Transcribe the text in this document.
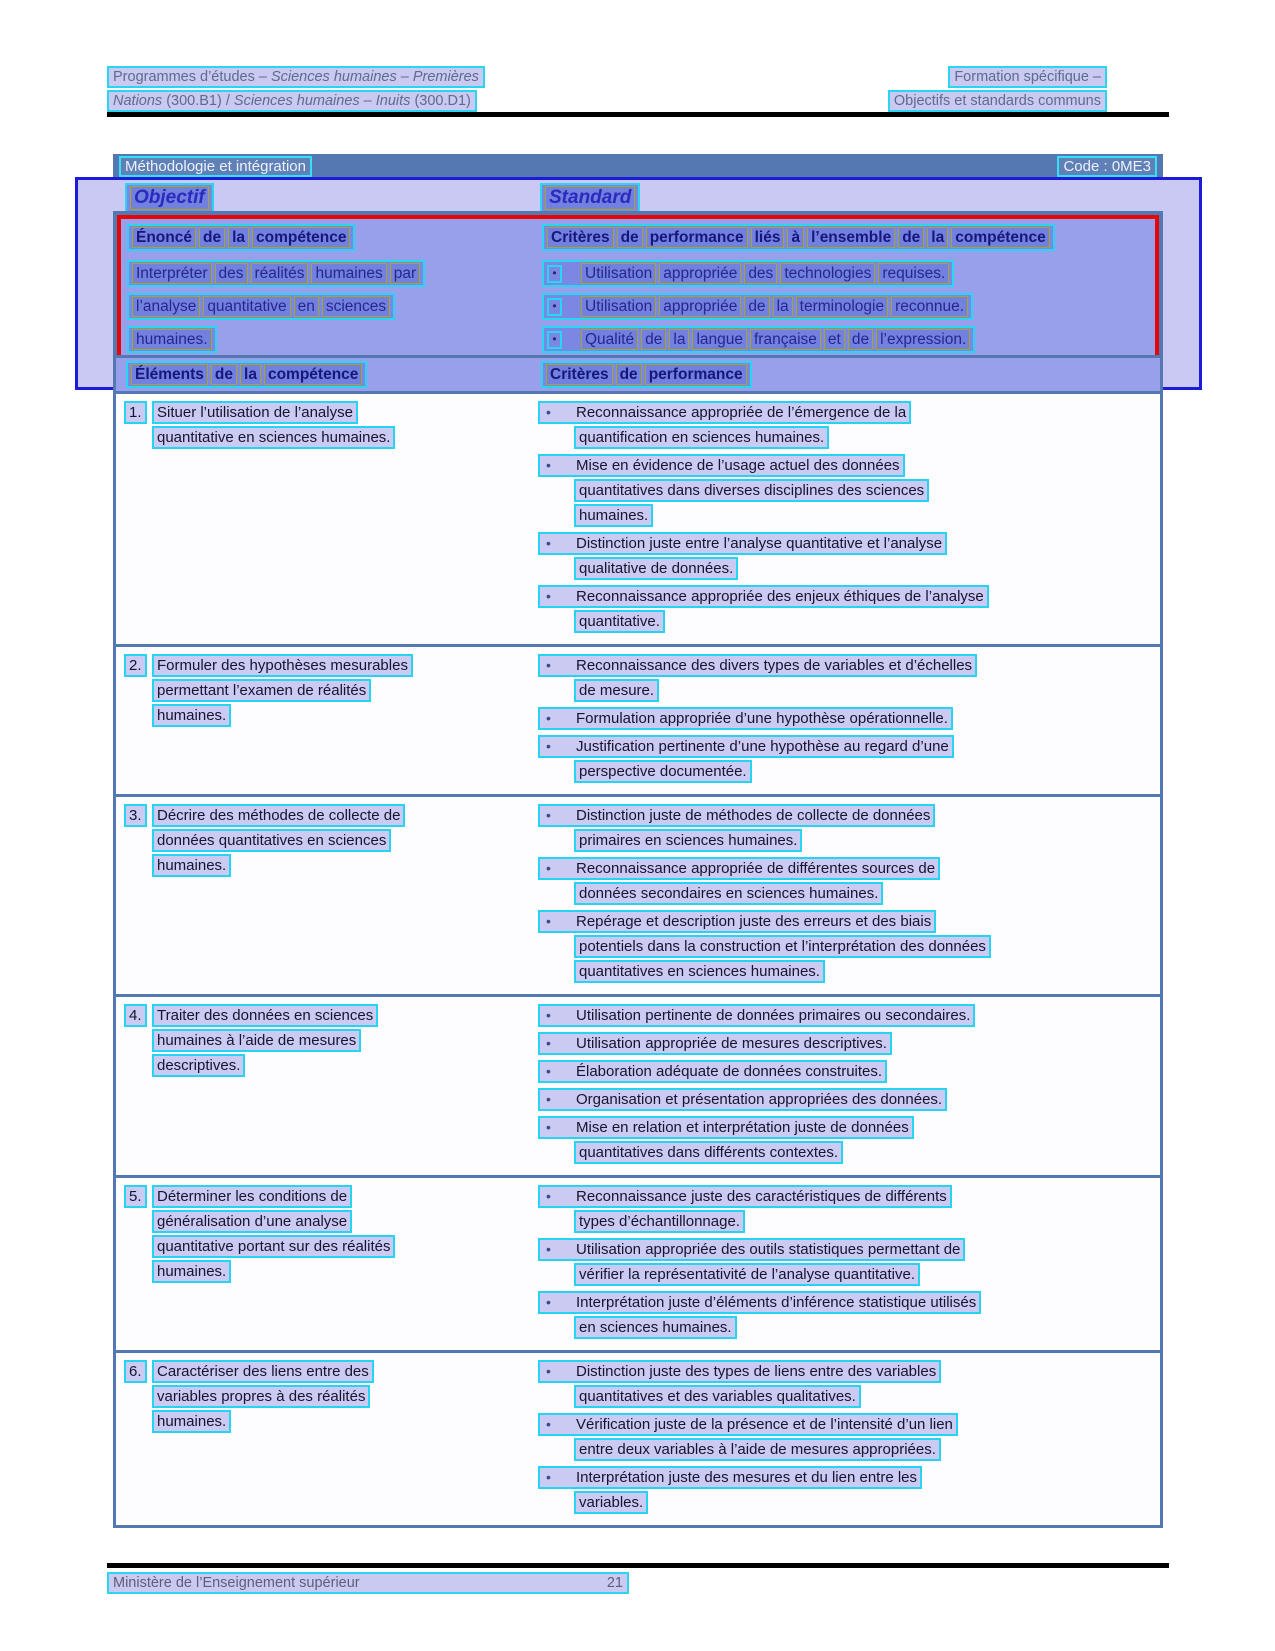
Programmes d’études – Sciences humaines – Premières
Nations (300.B1) / Sciences humaines – Inuits (300.D1)
Formation spécifique –
Objectifs et standards communs
Méthodologie et intégration	Code : 0ME3
Objectif	Standard
Énoncé de la compétence	Critères de performance liés à l’ensemble de la compétence
Interpréter des réalités humaines par
l’analyse quantitative en sciences
humaines.
•	Utilisation appropriée des technologies requises.
•	Utilisation appropriée de la terminologie reconnue.
•	Qualité de la langue française et de l’expression.
Éléments de la compétence	Critères de performance
1.	Situer l’utilisation de l’analyse
quantitative en sciences humaines.
• Reconnaissance appropriée de l’émergence de la
quantification en sciences humaines.
• Mise en évidence de l’usage actuel des données
quantitatives dans diverses disciplines des sciences
humaines.
• Distinction juste entre l’analyse quantitative et l’analyse
qualitative de données.
• Reconnaissance appropriée des enjeux éthiques de l’analyse
quantitative.
2.	Formuler des hypothèses mesurables
permettant l’examen de réalités
humaines.
• Reconnaissance des divers types de variables et d’échelles
de mesure.
• Formulation appropriée d’une hypothèse opérationnelle.
• Justification pertinente d’une hypothèse au regard d’une
perspective documentée.
3.	Décrire des méthodes de collecte de
données quantitatives en sciences
humaines.
• Distinction juste de méthodes de collecte de données
primaires en sciences humaines.
• Reconnaissance appropriée de différentes sources de
données secondaires en sciences humaines.
• Repérage et description juste des erreurs et des biais
potentiels dans la construction et l’interprétation des données
quantitatives en sciences humaines.
4.	Traiter des données en sciences
humaines à l’aide de mesures
descriptives.
• Utilisation pertinente de données primaires ou secondaires.
• Utilisation appropriée de mesures descriptives.
• Élaboration adéquate de données construites.
• Organisation et présentation appropriées des données.
• Mise en relation et interprétation juste de données
quantitatives dans différents contextes.
5.	Déterminer les conditions de
généralisation d’une analyse
quantitative portant sur des réalités
humaines.
• Reconnaissance juste des caractéristiques de différents
types d’échantillonnage.
• Utilisation appropriée des outils statistiques permettant de
vérifier la représentativité de l’analyse quantitative.
• Interprétation juste d’éléments d’inférence statistique utilisés
en sciences humaines.
6.	Caractériser des liens entre des
variables propres à des réalités
humaines.
• Distinction juste des types de liens entre des variables
quantitatives et des variables qualitatives.
• Vérification juste de la présence et de l’intensité d’un lien
entre deux variables à l’aide de mesures appropriées.
• Interprétation juste des mesures et du lien entre les
variables.
Ministère de l’Enseignement supérieur	21
